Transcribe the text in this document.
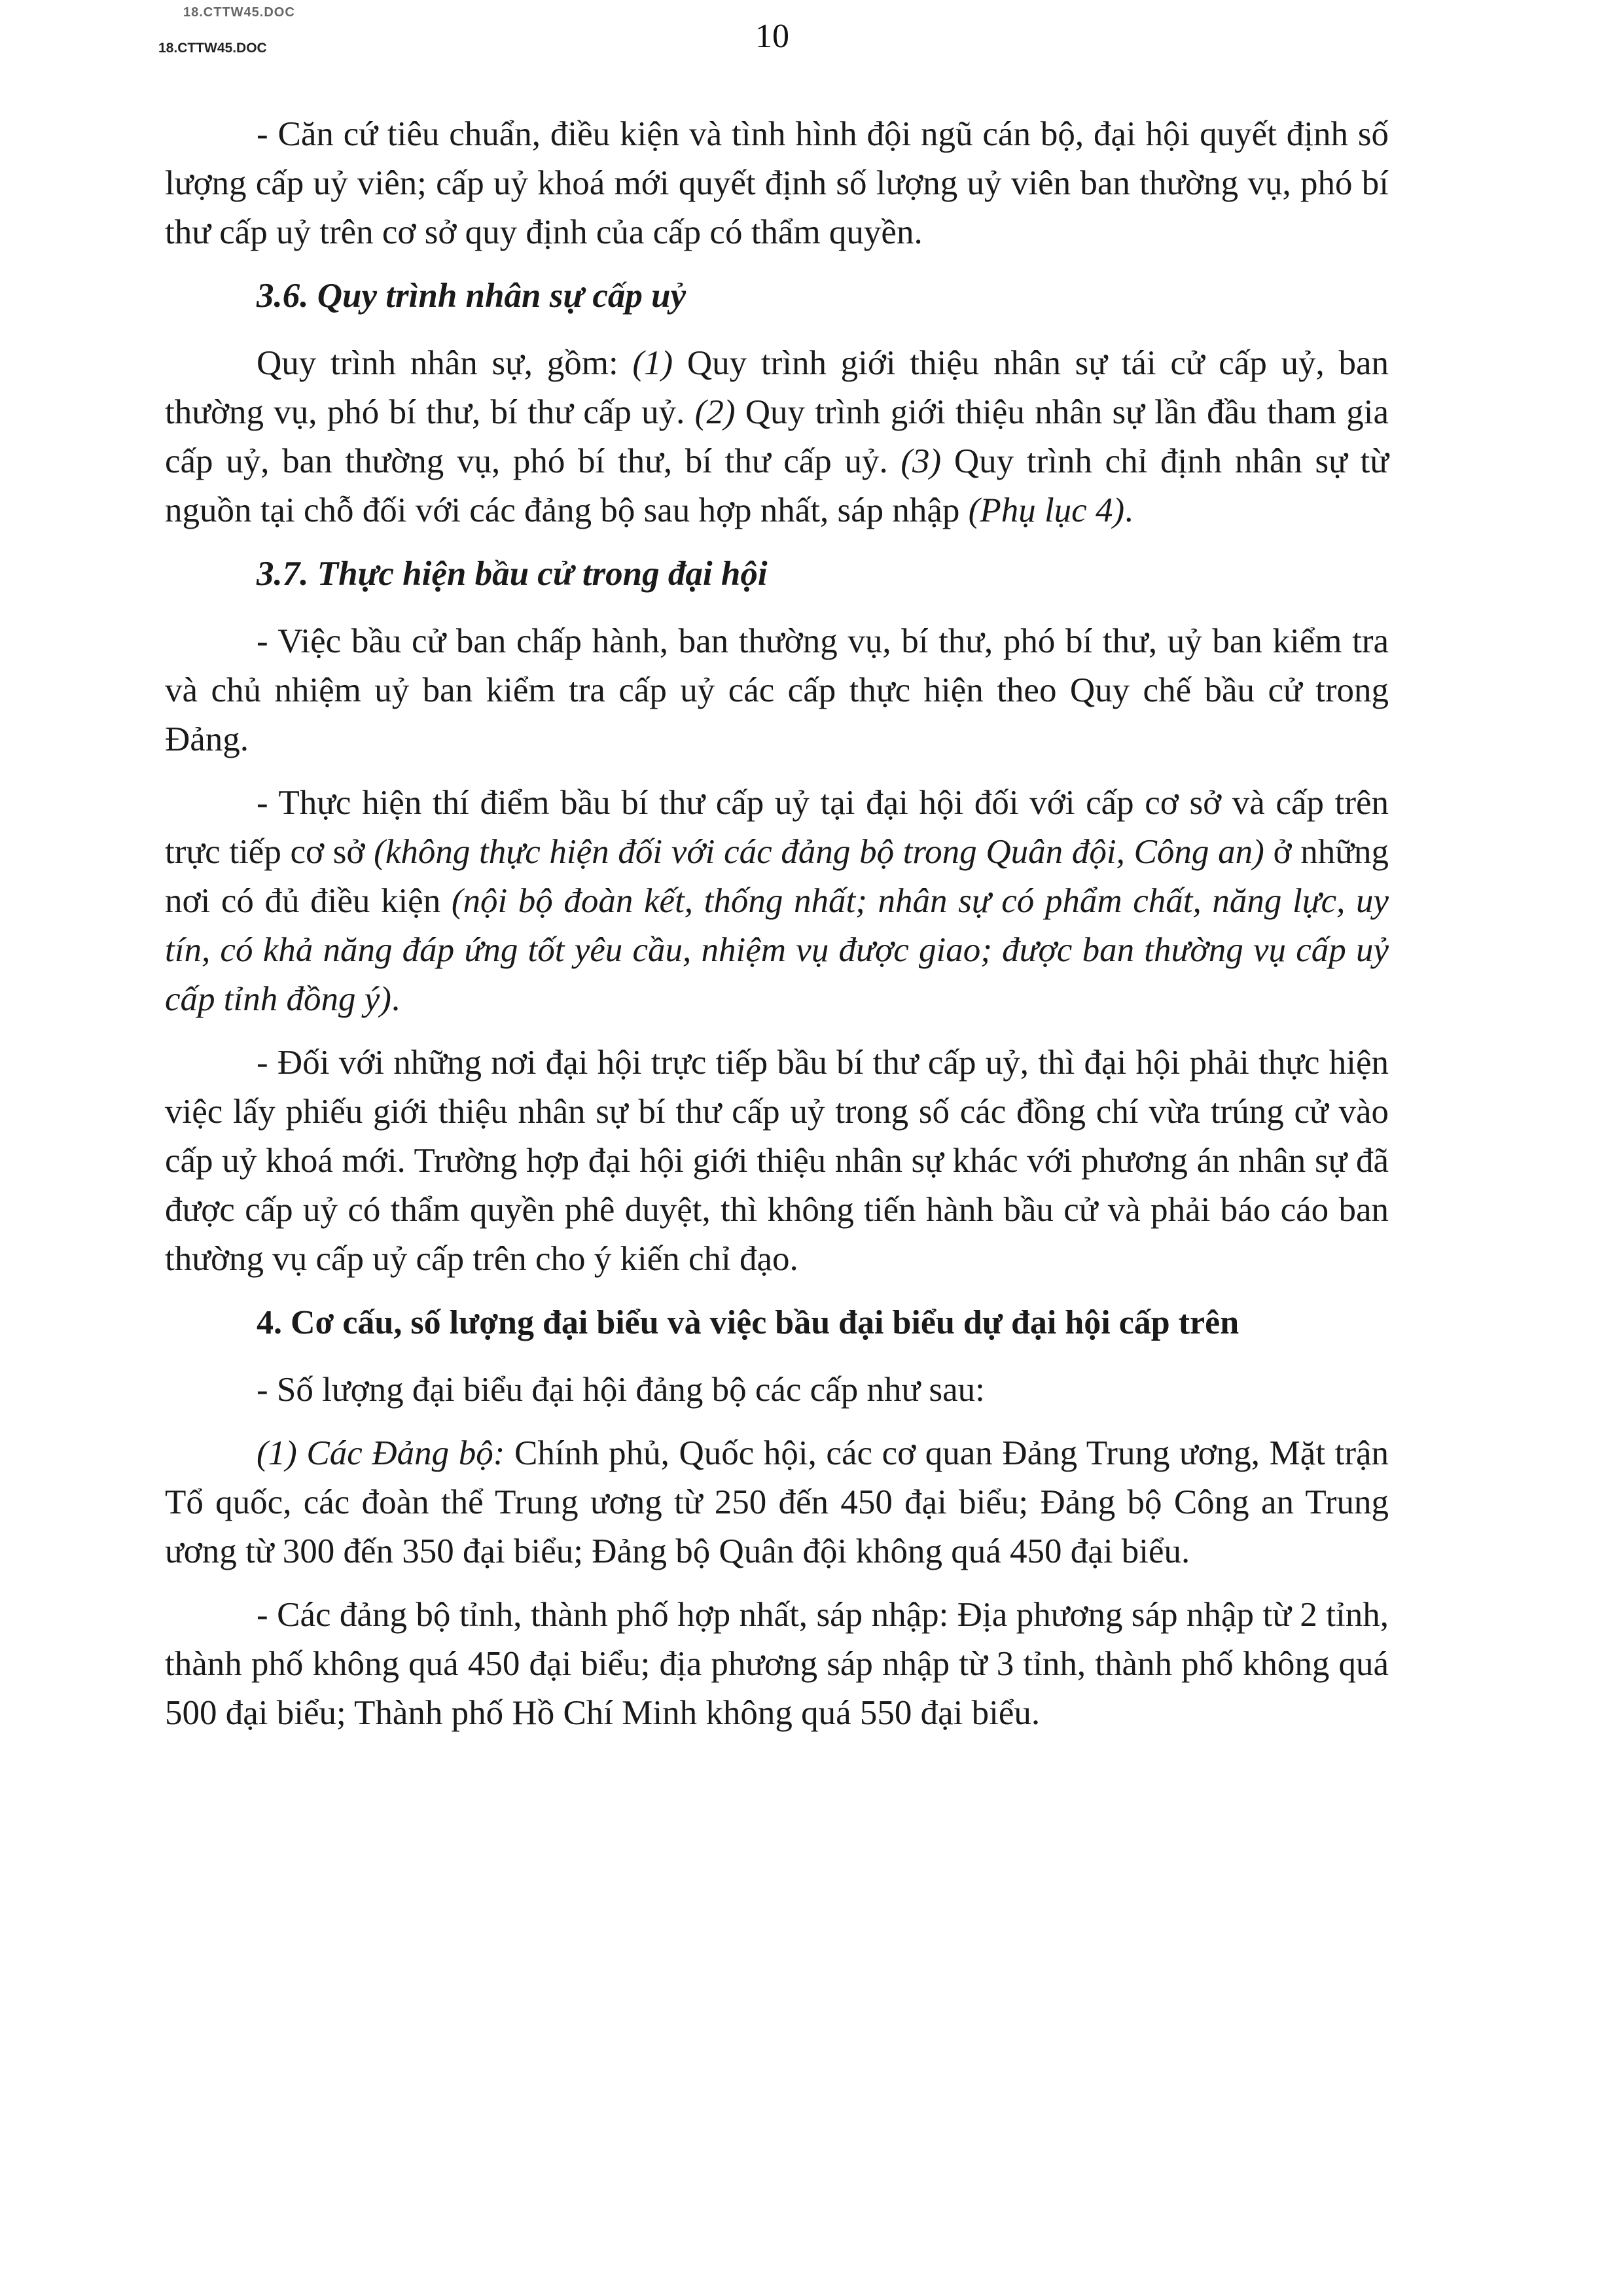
18.CTTW45.DOC
18.CTTW45.DOC	10

- Căn cứ tiêu chuẩn, điều kiện và tình hình đội ngũ cán bộ, đại hội quyết định số lượng cấp uỷ viên; cấp uỷ khoá mới quyết định số lượng uỷ viên ban thường vụ, phó bí thư cấp uỷ trên cơ sở quy định của cấp có thẩm quyền.

3.6. Quy trình nhân sự cấp uỷ

Quy trình nhân sự, gồm: (1) Quy trình giới thiệu nhân sự tái cử cấp uỷ, ban thường vụ, phó bí thư, bí thư cấp uỷ. (2) Quy trình giới thiệu nhân sự lần đầu tham gia cấp uỷ, ban thường vụ, phó bí thư, bí thư cấp uỷ. (3) Quy trình chỉ định nhân sự từ nguồn tại chỗ đối với các đảng bộ sau hợp nhất, sáp nhập (Phụ lục 4).

3.7. Thực hiện bầu cử trong đại hội

- Việc bầu cử ban chấp hành, ban thường vụ, bí thư, phó bí thư, uỷ ban kiểm tra và chủ nhiệm uỷ ban kiểm tra cấp uỷ các cấp thực hiện theo Quy chế bầu cử trong Đảng.

- Thực hiện thí điểm bầu bí thư cấp uỷ tại đại hội đối với cấp cơ sở và cấp trên trực tiếp cơ sở (không thực hiện đối với các đảng bộ trong Quân đội, Công an) ở những nơi có đủ điều kiện (nội bộ đoàn kết, thống nhất; nhân sự có phẩm chất, năng lực, uy tín, có khả năng đáp ứng tốt yêu cầu, nhiệm vụ được giao; được ban thường vụ cấp uỷ cấp tỉnh đồng ý).

- Đối với những nơi đại hội trực tiếp bầu bí thư cấp uỷ, thì đại hội phải thực hiện việc lấy phiếu giới thiệu nhân sự bí thư cấp uỷ trong số các đồng chí vừa trúng cử vào cấp uỷ khoá mới. Trường hợp đại hội giới thiệu nhân sự khác với phương án nhân sự đã được cấp uỷ có thẩm quyền phê duyệt, thì không tiến hành bầu cử và phải báo cáo ban thường vụ cấp uỷ cấp trên cho ý kiến chỉ đạo.

4. Cơ cấu, số lượng đại biểu và việc bầu đại biểu dự đại hội cấp trên

- Số lượng đại biểu đại hội đảng bộ các cấp như sau:

(1) Các Đảng bộ: Chính phủ, Quốc hội, các cơ quan Đảng Trung ương, Mặt trận Tổ quốc, các đoàn thể Trung ương từ 250 đến 450 đại biểu; Đảng bộ Công an Trung ương từ 300 đến 350 đại biểu; Đảng bộ Quân đội không quá 450 đại biểu.

- Các đảng bộ tỉnh, thành phố hợp nhất, sáp nhập: Địa phương sáp nhập từ 2 tỉnh, thành phố không quá 450 đại biểu; địa phương sáp nhập từ 3 tỉnh, thành phố không quá 500 đại biểu; Thành phố Hồ Chí Minh không quá 550 đại biểu.
